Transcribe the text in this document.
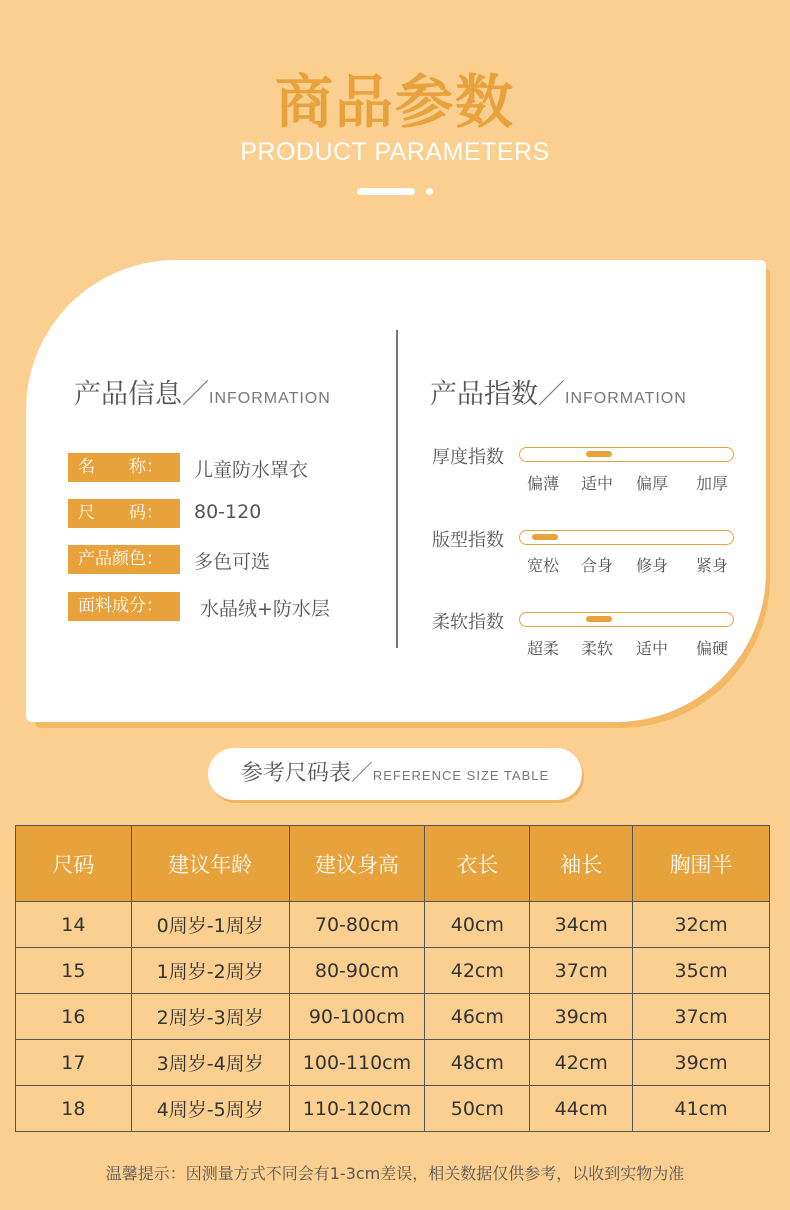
商品参数
PRODUCT PARAMETERS
产品信息／INFORMATION
名　　称：	儿童防水罩衣
尺　　码：	80-120
产品颜色：	多色可选
面料成分：	水晶绒+防水层
产品指数／INFORMATION
厚度指数
偏薄 适中 偏厚 加厚
版型指数
宽松 合身 修身 紧身
柔软指数
超柔 柔软 适中 偏硬
参考尺码表／REFERENCE SIZE TABLE
尺码	建议年龄	建议身高	衣长	袖长	胸围半
14	0周岁-1周岁	70-80cm	40cm	34cm	32cm
15	1周岁-2周岁	80-90cm	42cm	37cm	35cm
16	2周岁-3周岁	90-100cm	46cm	39cm	37cm
17	3周岁-4周岁	100-110cm	48cm	42cm	39cm
18	4周岁-5周岁	110-120cm	50cm	44cm	41cm
温馨提示：因测量方式不同会有1-3cm差误，相关数据仅供参考，以收到实物为准
